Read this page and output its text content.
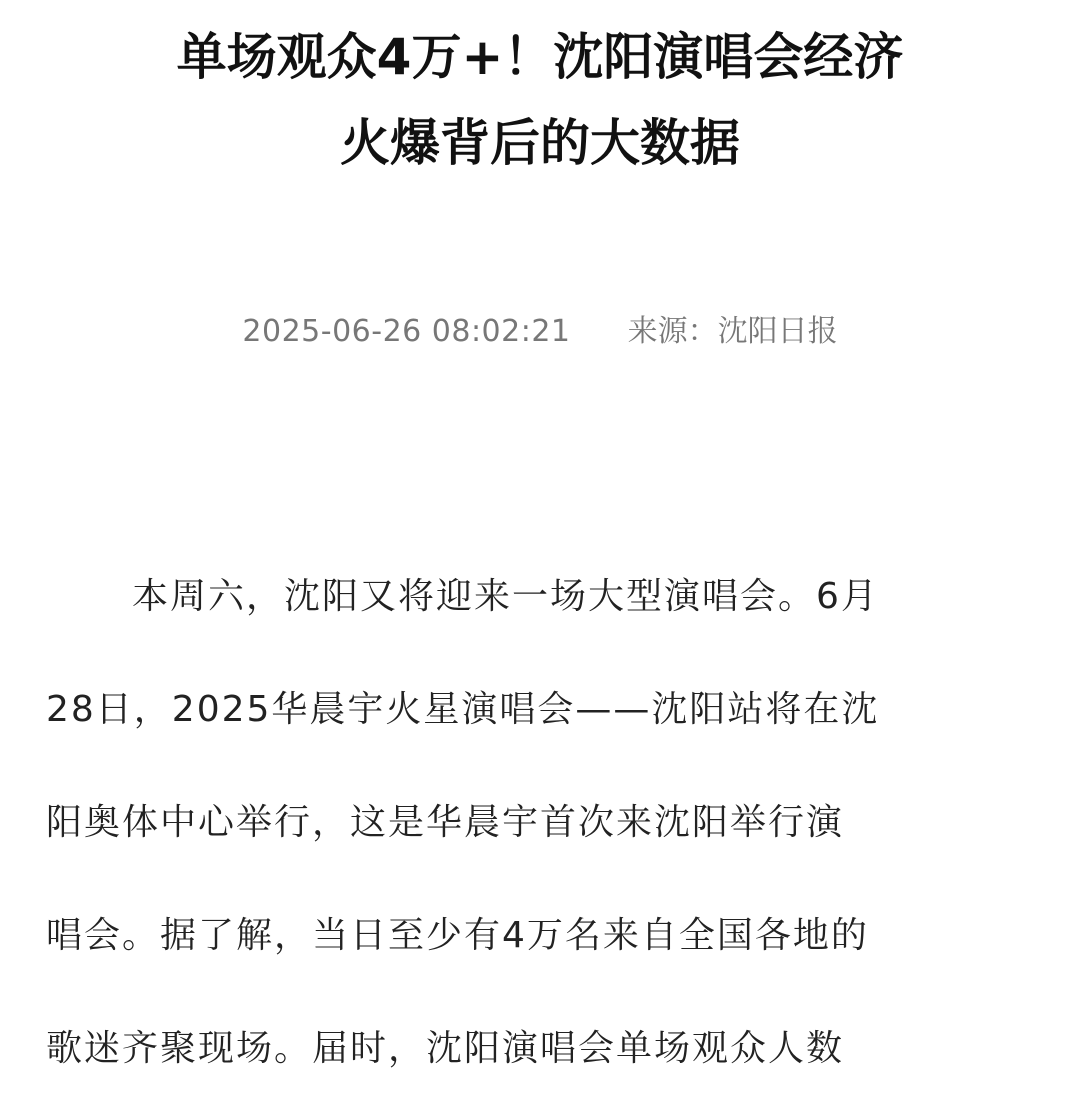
单场观众4万+！沈阳演唱会经济
火爆背后的大数据
2025-06-26 08:02:21 来源：沈阳日报
本周六，沈阳又将迎来一场大型演唱会。6月
28日，2025华晨宇火星演唱会——沈阳站将在沈
阳奥体中心举行，这是华晨宇首次来沈阳举行演
唱会。据了解，当日至少有4万名来自全国各地的
歌迷齐聚现场。届时，沈阳演唱会单场观众人数
